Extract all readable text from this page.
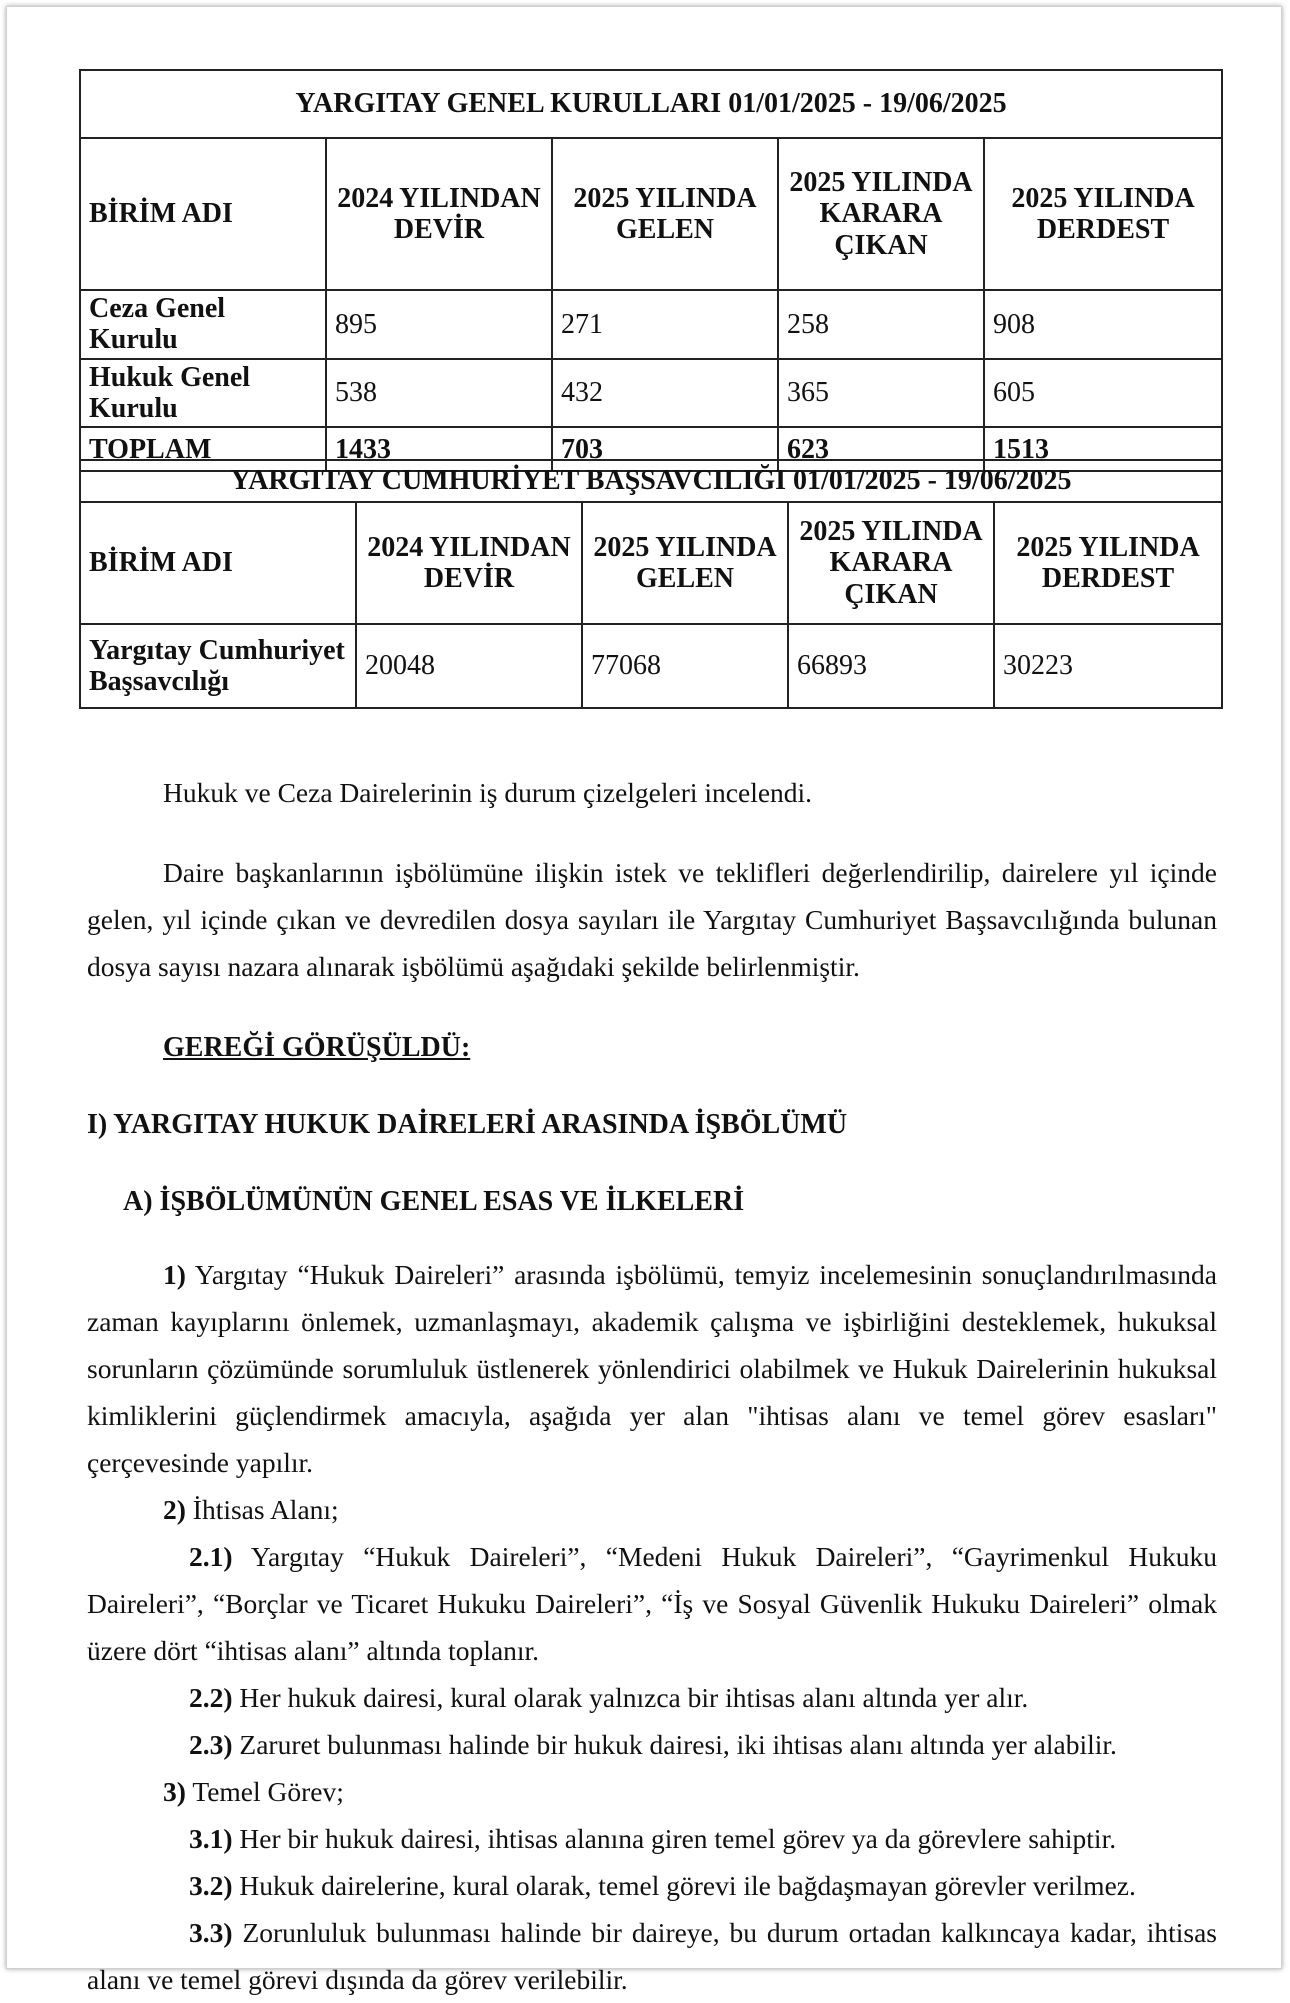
YARGITAY GENEL KURULLARI 01/01/2025 - 19/06/2025				
BİRİM ADI	2024 YILINDAN DEVİR	2025 YILINDA GELEN	2025 YILINDA KARARA ÇIKAN	2025 YILINDA DERDEST
Ceza Genel Kurulu	895	271	258	908
Hukuk Genel Kurulu	538	432	365	605
TOPLAM	1433	703	623	1513
YARGITAY CUMHURİYET BAŞSAVCILIĞI 01/01/2025 - 19/06/2025				
BİRİM ADI	2024 YILINDAN DEVİR	2025 YILINDA GELEN	2025 YILINDA KARARA ÇIKAN	2025 YILINDA DERDEST
Yargıtay Cumhuriyet Başsavcılığı	20048	77068	66893	30223

Hukuk ve Ceza Dairelerinin iş durum çizelgeleri incelendi.

Daire başkanlarının işbölümüne ilişkin istek ve teklifleri değerlendirilip, dairelere yıl içinde gelen, yıl içinde çıkan ve devredilen dosya sayıları ile Yargıtay Cumhuriyet Başsavcılığında bulunan dosya sayısı nazara alınarak işbölümü aşağıdaki şekilde belirlenmiştir.

GEREĞİ GÖRÜŞÜLDÜ:

I) YARGITAY HUKUK DAİRELERİ ARASINDA İŞBÖLÜMÜ

A) İŞBÖLÜMÜNÜN GENEL ESAS VE İLKELERİ

1) Yargıtay “Hukuk Daireleri” arasında işbölümü, temyiz incelemesinin sonuçlandırılmasında zaman kayıplarını önlemek, uzmanlaşmayı, akademik çalışma ve işbirliğini desteklemek, hukuksal sorunların çözümünde sorumluluk üstlenerek yönlendirici olabilmek ve Hukuk Dairelerinin hukuksal kimliklerini güçlendirmek amacıyla, aşağıda yer alan "ihtisas alanı ve temel görev esasları" çerçevesinde yapılır.

2) İhtisas Alanı;

2.1) Yargıtay “Hukuk Daireleri”, “Medeni Hukuk Daireleri”, “Gayrimenkul Hukuku Daireleri”, “Borçlar ve Ticaret Hukuku Daireleri”, “İş ve Sosyal Güvenlik Hukuku Daireleri” olmak üzere dört “ihtisas alanı” altında toplanır.

2.2) Her hukuk dairesi, kural olarak yalnızca bir ihtisas alanı altında yer alır.

2.3) Zaruret bulunması halinde bir hukuk dairesi, iki ihtisas alanı altında yer alabilir.

3) Temel Görev;

3.1) Her bir hukuk dairesi, ihtisas alanına giren temel görev ya da görevlere sahiptir.

3.2) Hukuk dairelerine, kural olarak, temel görevi ile bağdaşmayan görevler verilmez.

3.3) Zorunluluk bulunması halinde bir daireye, bu durum ortadan kalkıncaya kadar, ihtisas alanı ve temel görevi dışında da görev verilebilir.
